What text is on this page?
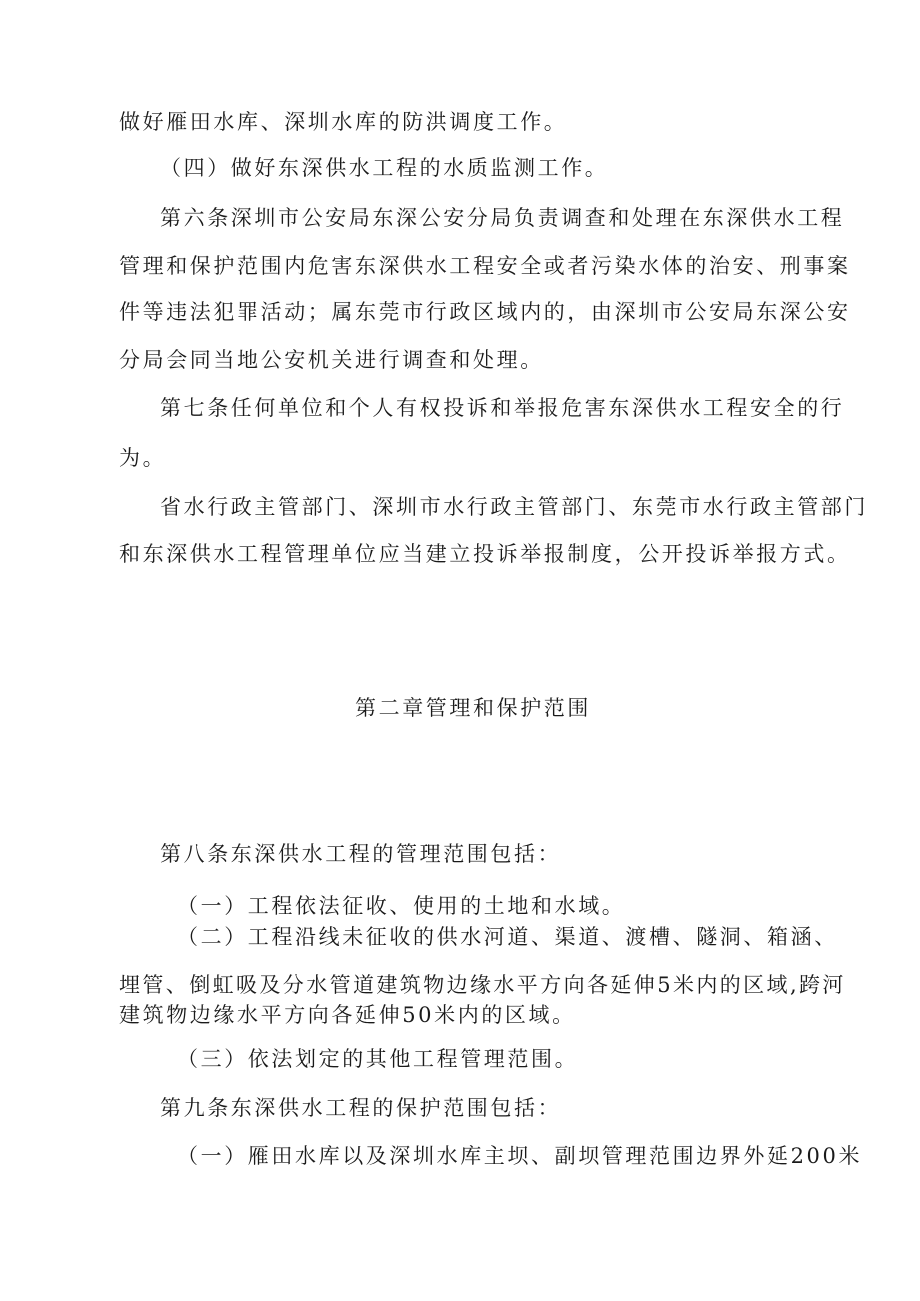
做好雁田水库、深圳水库的防洪调度工作。

（四）做好东深供水工程的水质监测工作。

第六条深圳市公安局东深公安分局负责调查和处理在东深供水工程

管理和保护范围内危害东深供水工程安全或者污染水体的治安、刑事案

件等违法犯罪活动；属东莞市行政区域内的，由深圳市公安局东深公安

分局会同当地公安机关进行调查和处理。

第七条任何单位和个人有权投诉和举报危害东深供水工程安全的行

为。

省水行政主管部门、深圳市水行政主管部门、东莞市水行政主管部门

和东深供水工程管理单位应当建立投诉举报制度，公开投诉举报方式。

第二章管理和保护范围

第八条东深供水工程的管理范围包括：

（一）工程依法征收、使用的土地和水域。

（二）工程沿线未征收的供水河道、渠道、渡槽、隧洞、箱涵、

埋管、倒虹吸及分水管道建筑物边缘水平方向各延伸5米内的区域,跨河

建筑物边缘水平方向各延伸50米内的区域。

（三）依法划定的其他工程管理范围。

第九条东深供水工程的保护范围包括：

（一）雁田水库以及深圳水库主坝、副坝管理范围边界外延200米
